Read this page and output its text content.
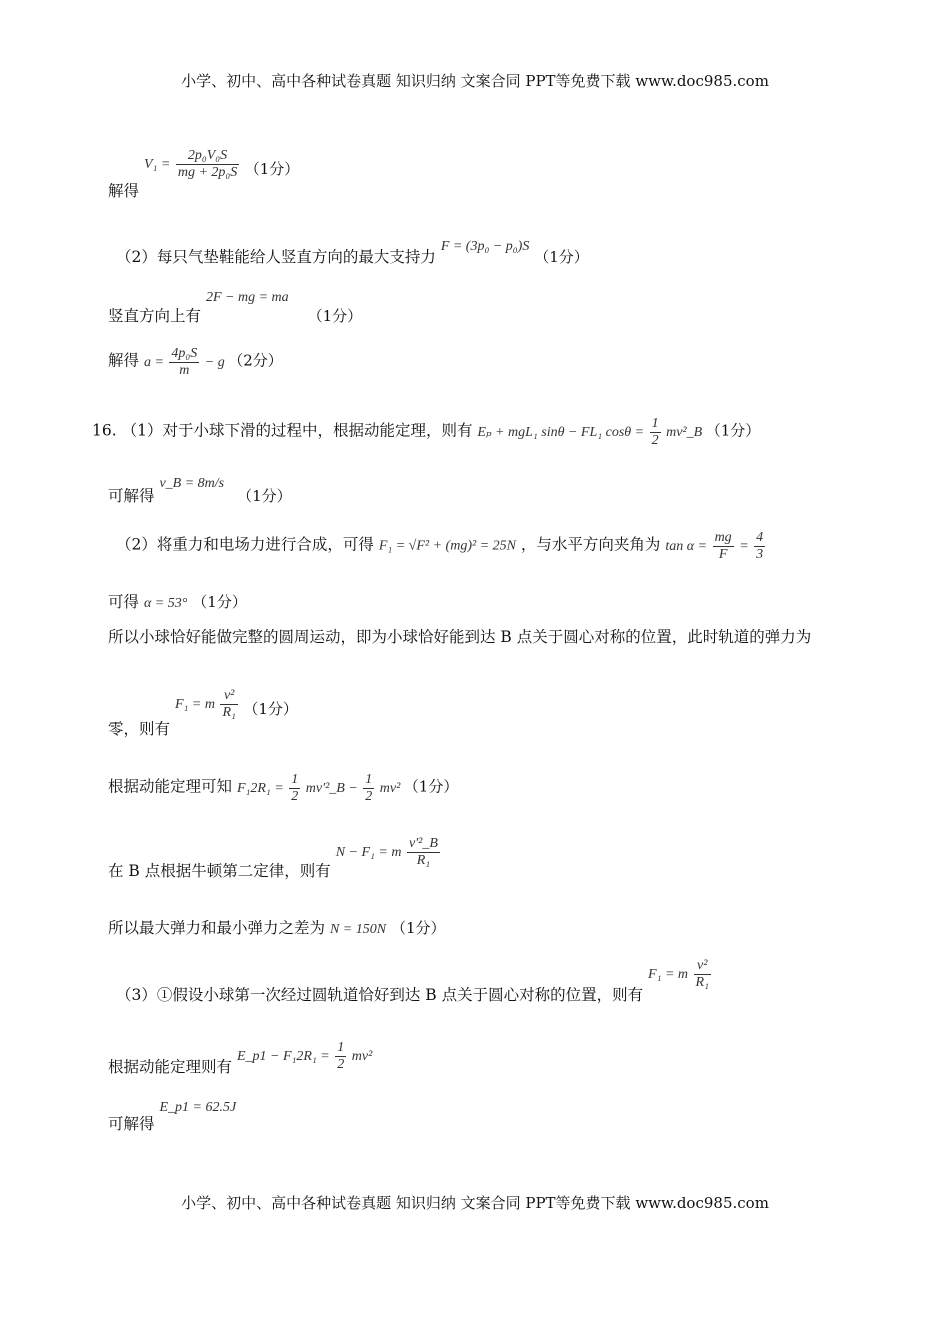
小学、初中、高中各种试卷真题 知识归纳 文案合同 PPT等免费下载 www.doc985.com
解得 $V_1 = \frac{\text{2p₀V₀S}}{\text{mg + 2p₀S}} (1$分）
（2）每只气垫鞋能给人竖直方向的最大支持力 F = (3p₀ − p₀)S （1分）
竖直方向上有 2F − mg = ma （1分）
解得 $a = \frac{\text{4p₀S}}{m} - g$ （2分）
16. （1）对于小球下滑的过程中，根据动能定理，则有 Eₚ + mgL₁ sinθ − FL₁ $\cos\theta = \frac{1}{2}$ mv²_B （1分）
可解得 v_B = 8m/s （1分）
（2）将重力和电场力进行合成，可得 F₁ = √F² + (mg)² = 25N ，与水平方向夹角为 $\tan \alpha = \frac{mg}{F} = \frac{4}{3}$
可得 α = 53° （1分）
所以小球恰好能做完整的圆周运动，即为小球恰好能到达 B 点关于圆心对称的位置，此时轨道的弹力为
零，则有 F₁ = m $\frac{\text{v²}}{\text{R₁}} (1$分）
根据动能定理可知 $F_12R_1 = \frac{1}{2}$ mv'²_B − $\frac{1}{2} mv^2$ （1分）
在 B 点根据牛顿第二定律，则有 N − F₁ = m $\frac{\text{v'²\_B}}{\text{R₁}}$
所以最大弹力和最小弹力之差为 N = 150N （1分）
（3）①假设小球第一次经过圆轨道恰好到达 B 点关于圆心对称的位置，则有 F₁ = m $\frac{\text{v²}}{\text{R₁}}$
根据动能定理则有 E_p1 − $F_12R_1 = \frac{1}{2} mv^2$
可解得 E_p1 = 62.5J
小学、初中、高中各种试卷真题 知识归纳 文案合同 PPT等免费下载 www.doc985.com
